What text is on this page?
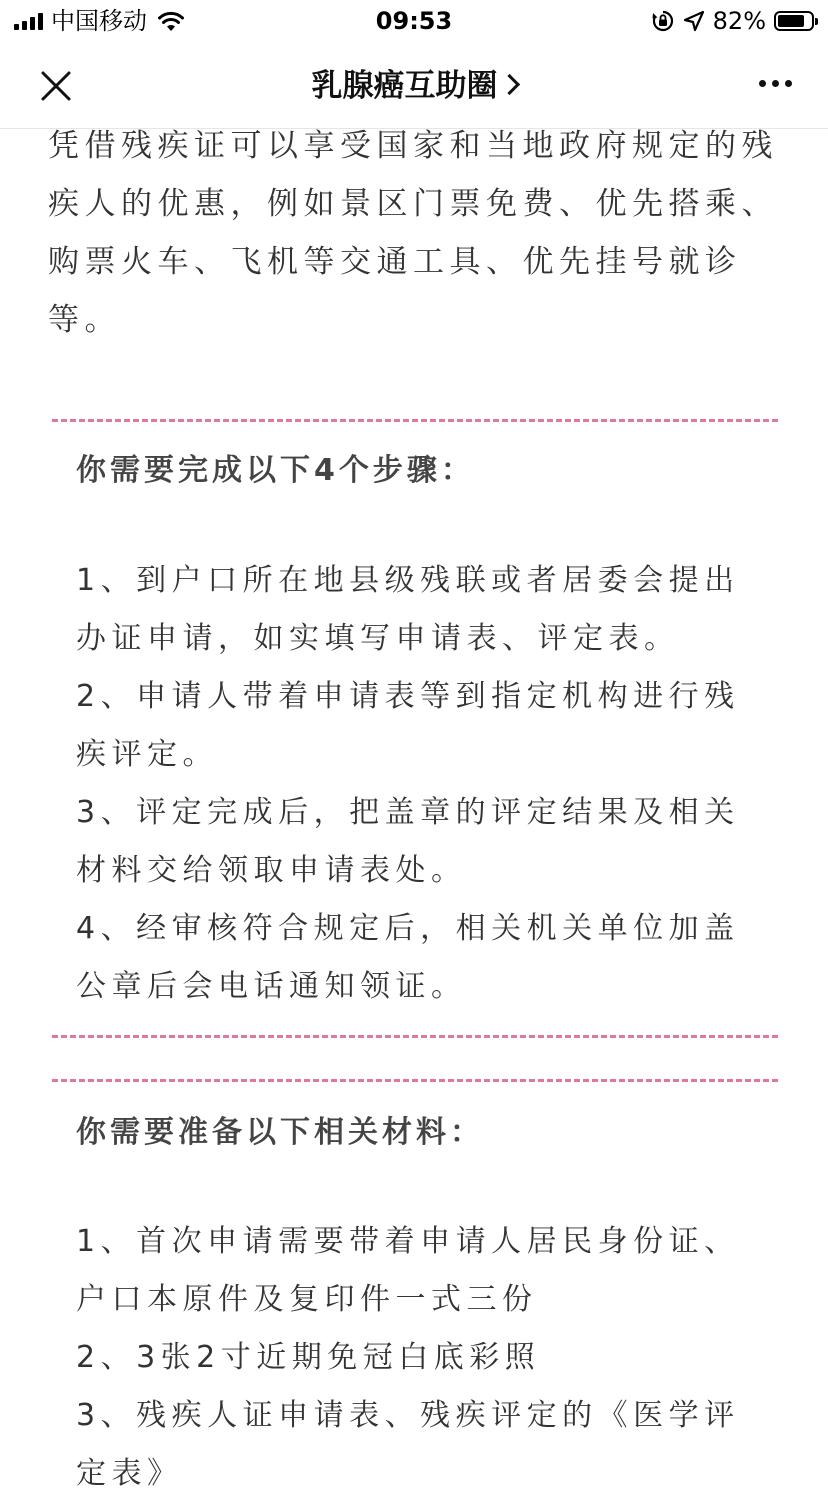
中国移动	09:53	82%
乳腺癌互助圈
凭借残疾证可以享受国家和当地政府规定的残疾人的优惠，例如景区门票免费、优先搭乘、购票火车、飞机等交通工具、优先挂号就诊等。
你需要完成以下4个步骤：
1、到户口所在地县级残联或者居委会提出办证申请，如实填写申请表、评定表。
2、申请人带着申请表等到指定机构进行残疾评定。
3、评定完成后，把盖章的评定结果及相关材料交给领取申请表处。
4、经审核符合规定后，相关机关单位加盖公章后会电话通知领证。
你需要准备以下相关材料：
1、首次申请需要带着申请人居民身份证、户口本原件及复印件一式三份
2、3张2寸近期免冠白底彩照
3、残疾人证申请表、残疾评定的《医学评定表》
